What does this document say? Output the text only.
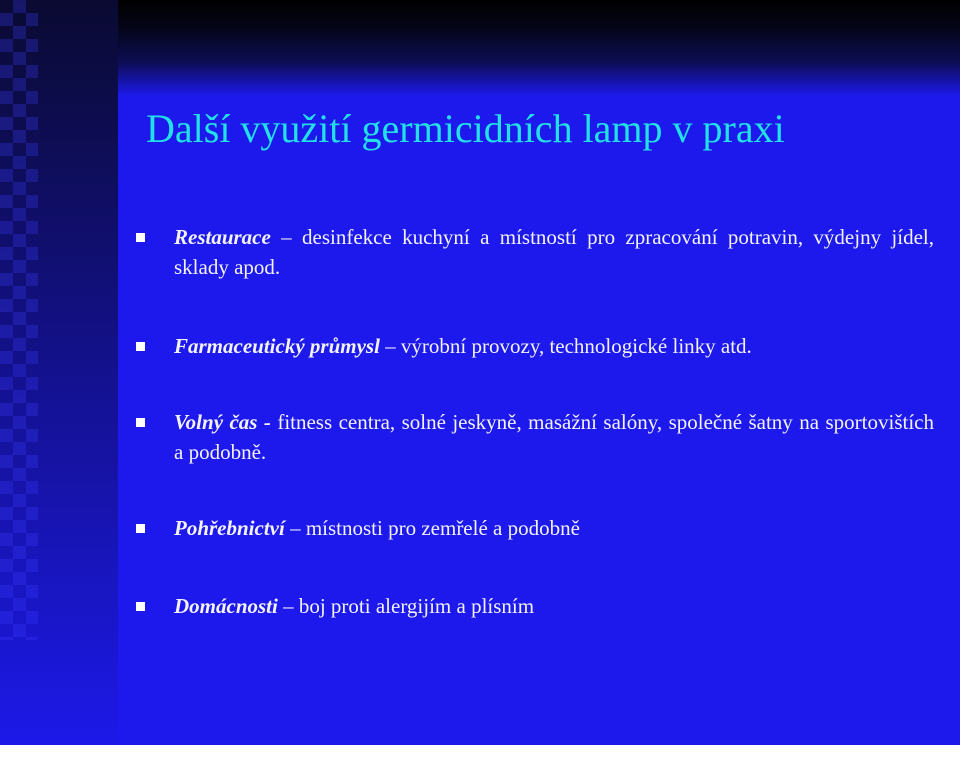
Další využití germicidních lamp v praxi
Restaurace – desinfekce kuchyní a místností pro zpracování potravin, výdejny jídel, sklady apod.
Farmaceutický průmysl – výrobní provozy, technologické linky atd.
Volný čas - fitness centra, solné jeskyně, masážní salóny, společné šatny na sportovištích a podobně.
Pohřebnictví – místnosti pro zemřelé a podobně
Domácnosti – boj proti alergijím a plísním
